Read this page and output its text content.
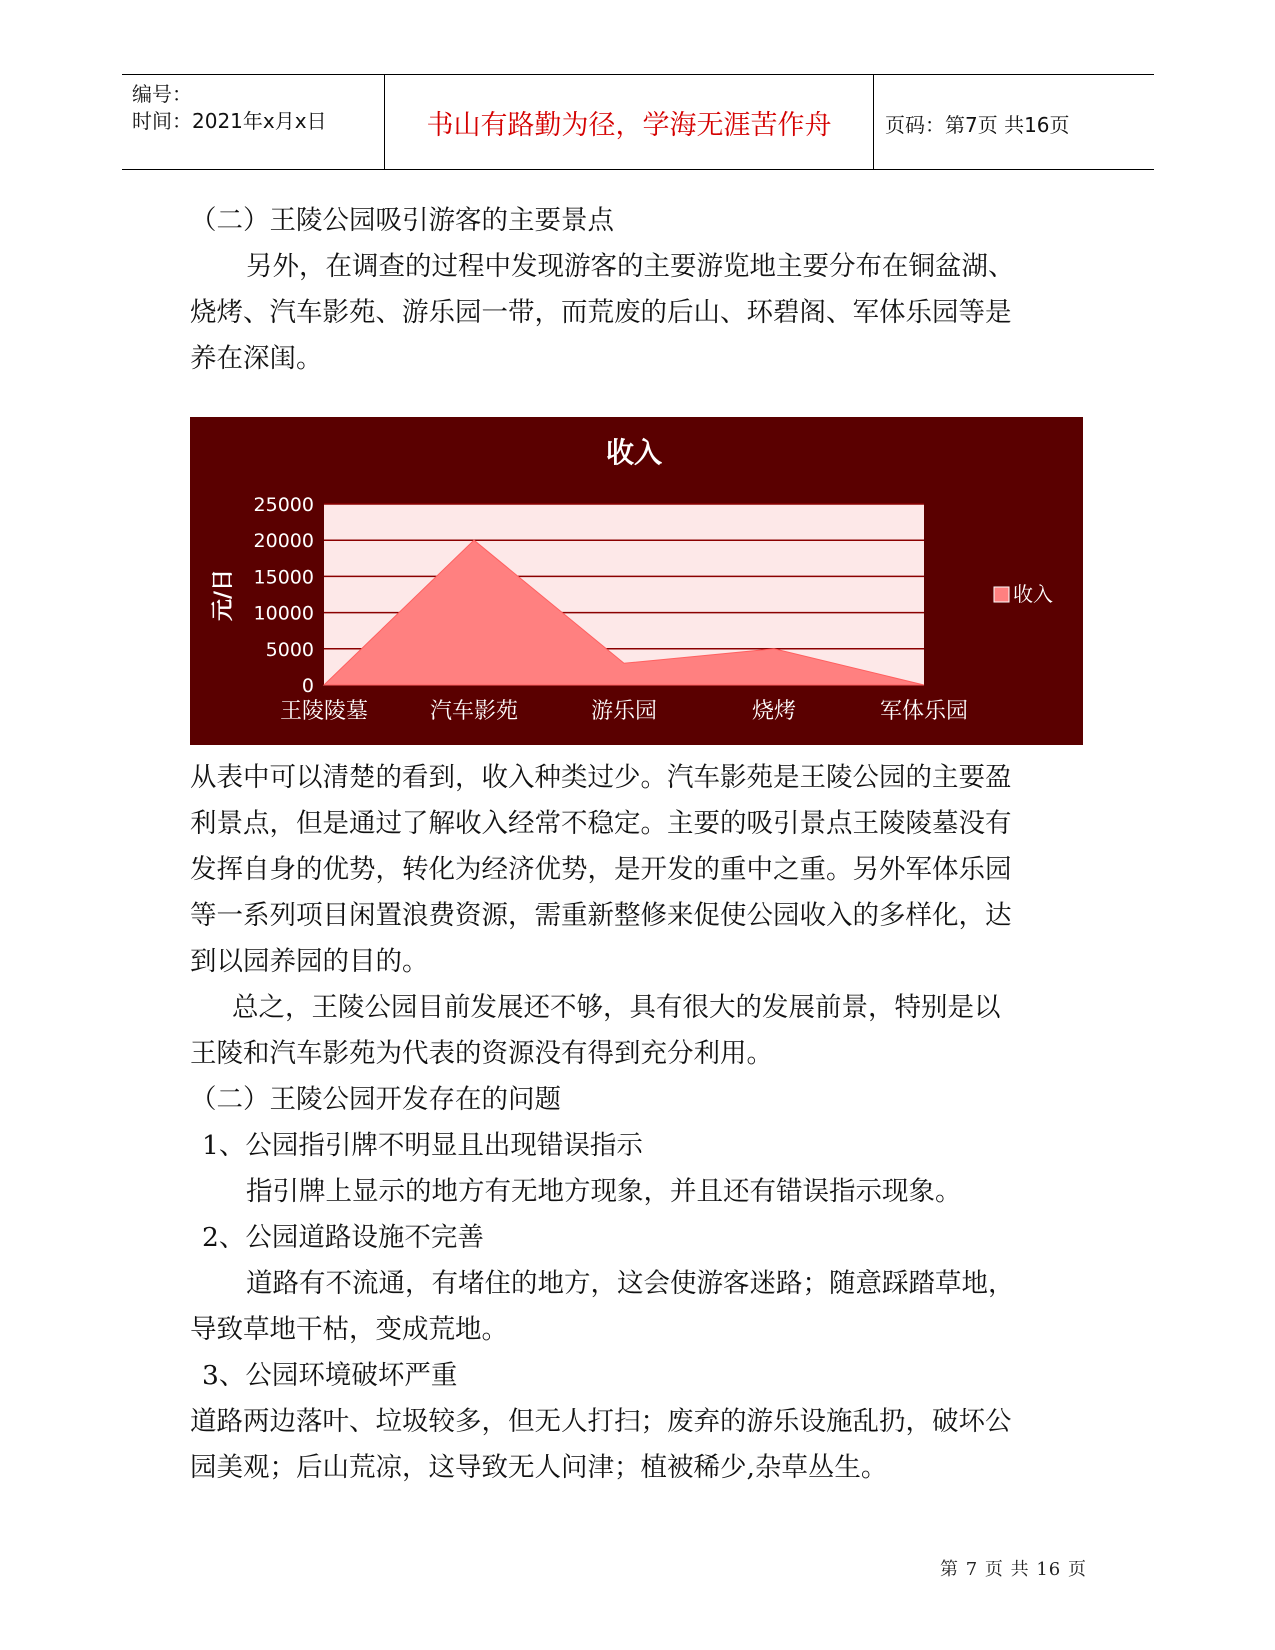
编号：
时间：2021年x月x日	书山有路勤为径，学海无涯苦作舟	页码：第7页 共16页
（二）王陵公园吸引游客的主要景点
另外，在调查的过程中发现游客的主要游览地主要分布在铜盆湖、
烧烤、汽车影苑、游乐园一带，而荒废的后山、环碧阁、军体乐园等是
养在深闺。
0
5000
10000
15000
20000
25000
王陵陵墓	汽车影苑	游乐园	烧烤	军体乐园
收入
元/日	收入
从表中可以清楚的看到，收入种类过少。汽车影苑是王陵公园的主要盈
利景点，但是通过了解收入经常不稳定。主要的吸引景点王陵陵墓没有
发挥自身的优势，转化为经济优势，是开发的重中之重。另外军体乐园
等一系列项目闲置浪费资源，需重新整修来促使公园收入的多样化，达
到以园养园的目的。
总之，王陵公园目前发展还不够，具有很大的发展前景，特别是以
王陵和汽车影苑为代表的资源没有得到充分利用。
（二）王陵公园开发存在的问题
1、公园指引牌不明显且出现错误指示
指引牌上显示的地方有无地方现象，并且还有错误指示现象。
2、公园道路设施不完善
道路有不流通，有堵住的地方，这会使游客迷路；随意踩踏草地，
导致草地干枯，变成荒地。
3、公园环境破坏严重
道路两边落叶、垃圾较多，但无人打扫；废弃的游乐设施乱扔，破坏公
园美观；后山荒凉，这导致无人问津；植被稀少,杂草丛生。
第 7 页 共 16 页
